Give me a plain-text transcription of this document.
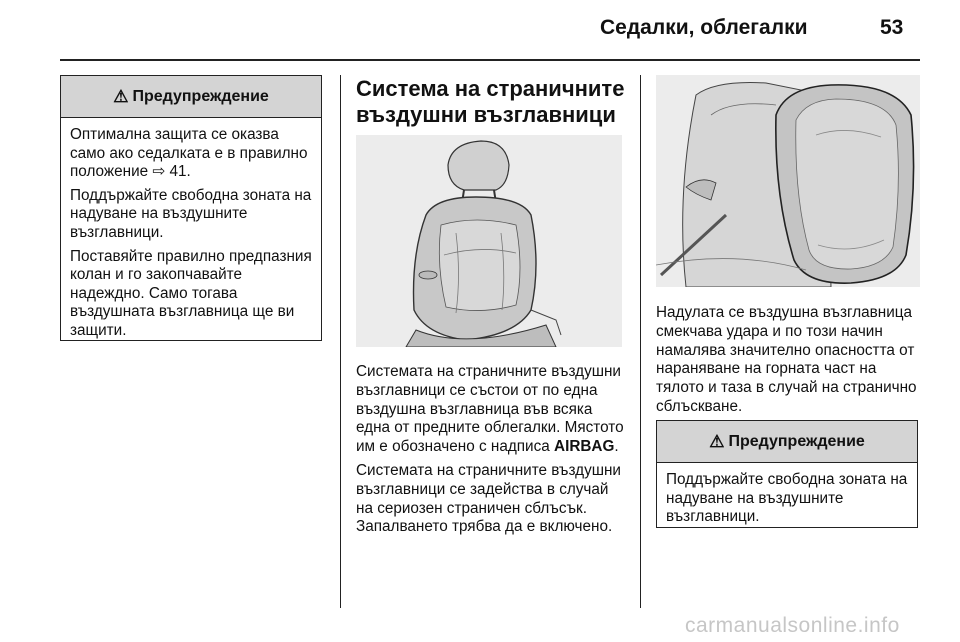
Седалки, облегалки	53
⚠ Предупреждение

Оптимална защита се оказва само ако седалката е в правилно положение ⇨ 41.

Поддържайте свободна зоната на надуване на въздушните възглавници.

Поставяйте правилно предпазния колан и го закопчавайте надеждно. Само тогава въздушната възглавница ще ви защити.

Система на страничните въздушни възглавници

Системата на страничните въздушни възглавници се състои от по една въздушна възглавница във всяка една от предните облегалки. Мястото им е обозначено с надписа AIRBAG.

Системата на страничните въздушни възглавници се задейства в случай на сериозен страничен сблъсък. Запалването трябва да е включено.

Надулата се въздушна възглавница смекчава удара и по този начин намалява значително опасността от нараняване на горната част на тялото и таза в случай на странично сблъскване.

⚠ Предупреждение

Поддържайте свободна зоната на надуване на въздушните възглавници.

carmanualsonline.info
